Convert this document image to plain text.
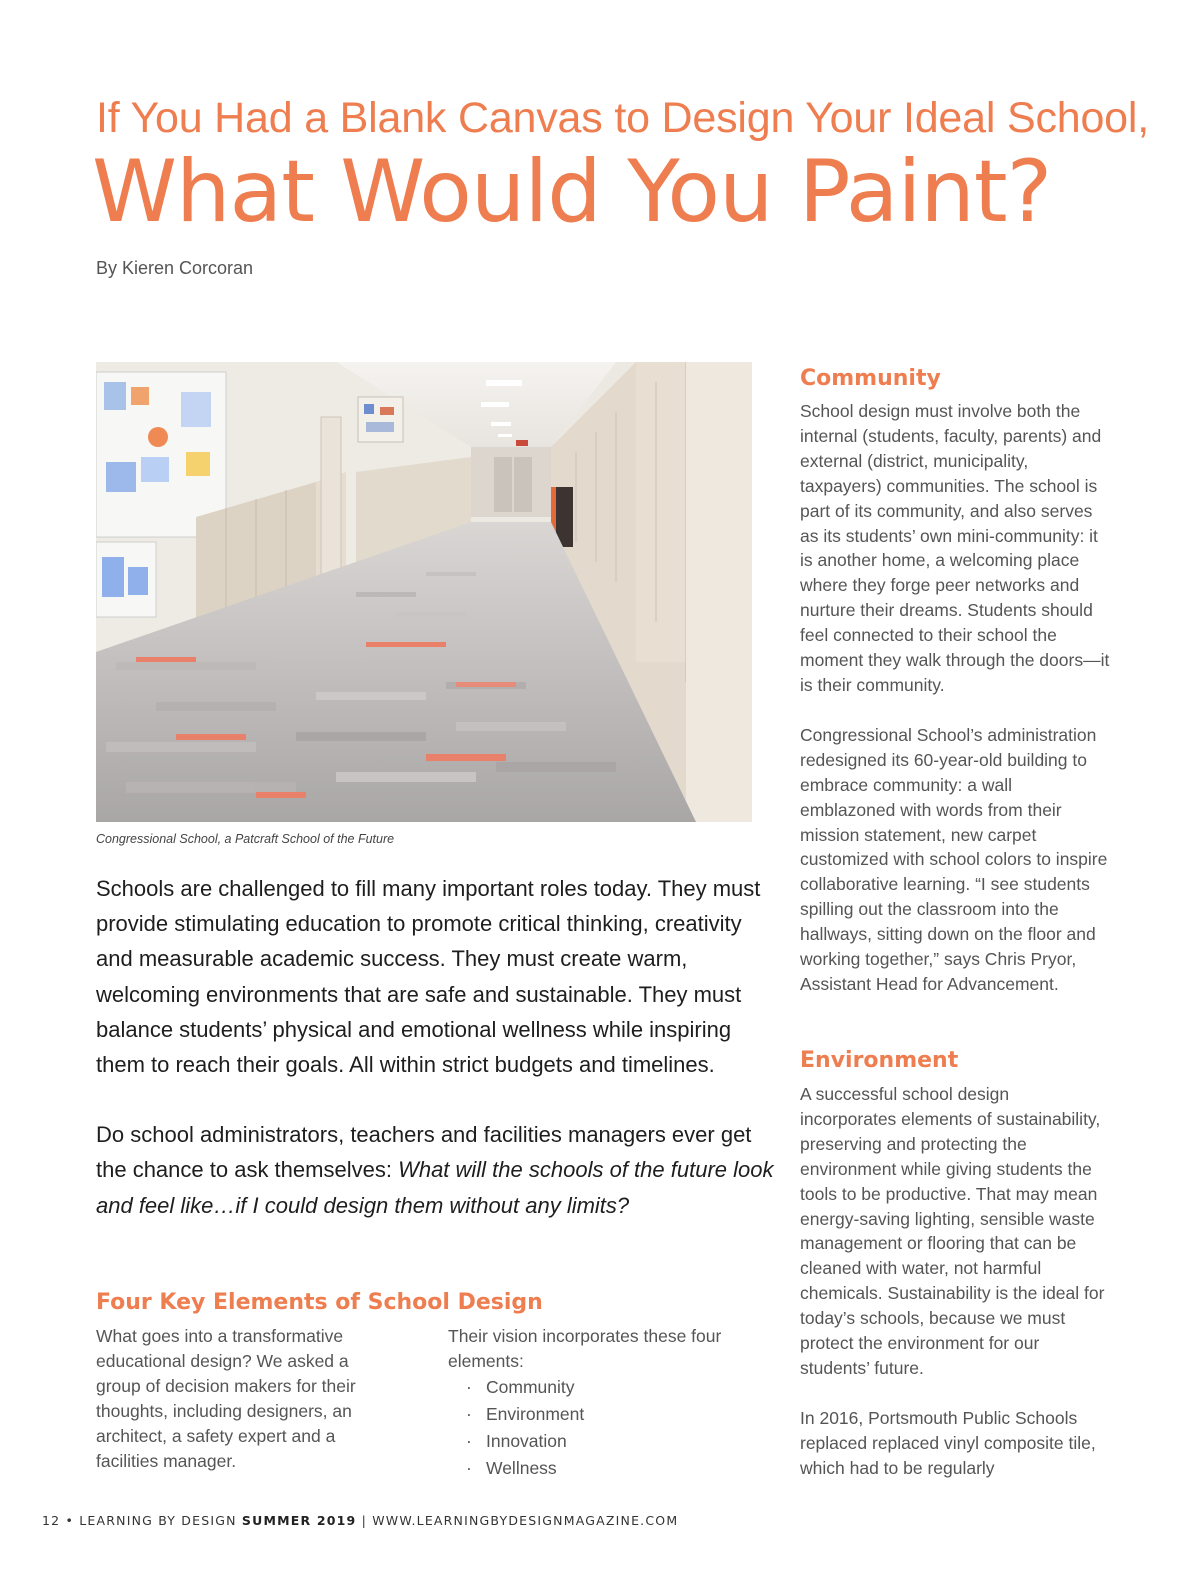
If You Had a Blank Canvas to Design Your Ideal School,
What Would You Paint?
By Kieren Corcoran
Congressional School, a Patcraft School of the Future

Schools are challenged to fill many important roles today. They must provide stimulating education to promote critical thinking, creativity and measurable academic success. They must create warm, welcoming environments that are safe and sustainable. They must balance students’ physical and emotional wellness while inspiring them to reach their goals. All within strict budgets and timelines.

Do school administrators, teachers and facilities managers ever get the chance to ask themselves: What will the schools of the future look and feel like…if I could design them without any limits?

Four Key Elements of School Design

What goes into a transformative educational design? We asked a group of decision makers for their thoughts, including designers, an architect, a safety expert and a facilities manager.

Their vision incorporates these four elements:

· Community
· Environment
· Innovation
· Wellness
Community

School design must involve both the internal (students, faculty, parents) and external (district, municipality, taxpayers) communities. The school is part of its community, and also serves as its students’ own mini-community: it is another home, a welcoming place where they forge peer networks and nurture their dreams. Students should feel connected to their school the moment they walk through the doors—it is their community.

Congressional School’s administration redesigned its 60-year-old building to embrace community: a wall emblazoned with words from their mission statement, new carpet customized with school colors to inspire collaborative learning. “I see students spilling out the classroom into the hallways, sitting down on the floor and working together,” says Chris Pryor, Assistant Head for Advancement.

Environment

A successful school design incorporates elements of sustainability, preserving and protecting the environment while giving students the tools to be productive. That may mean energy-saving lighting, sensible waste management or flooring that can be cleaned with water, not harmful chemicals. Sustainability is the ideal for today’s schools, because we must protect the environment for our students’ future.

In 2016, Portsmouth Public Schools replaced replaced vinyl composite tile, which had to be regularly

12 • LEARNING BY DESIGN SUMMER 2019 | WWW.LEARNINGBYDESIGNMAGAZINE.COM
